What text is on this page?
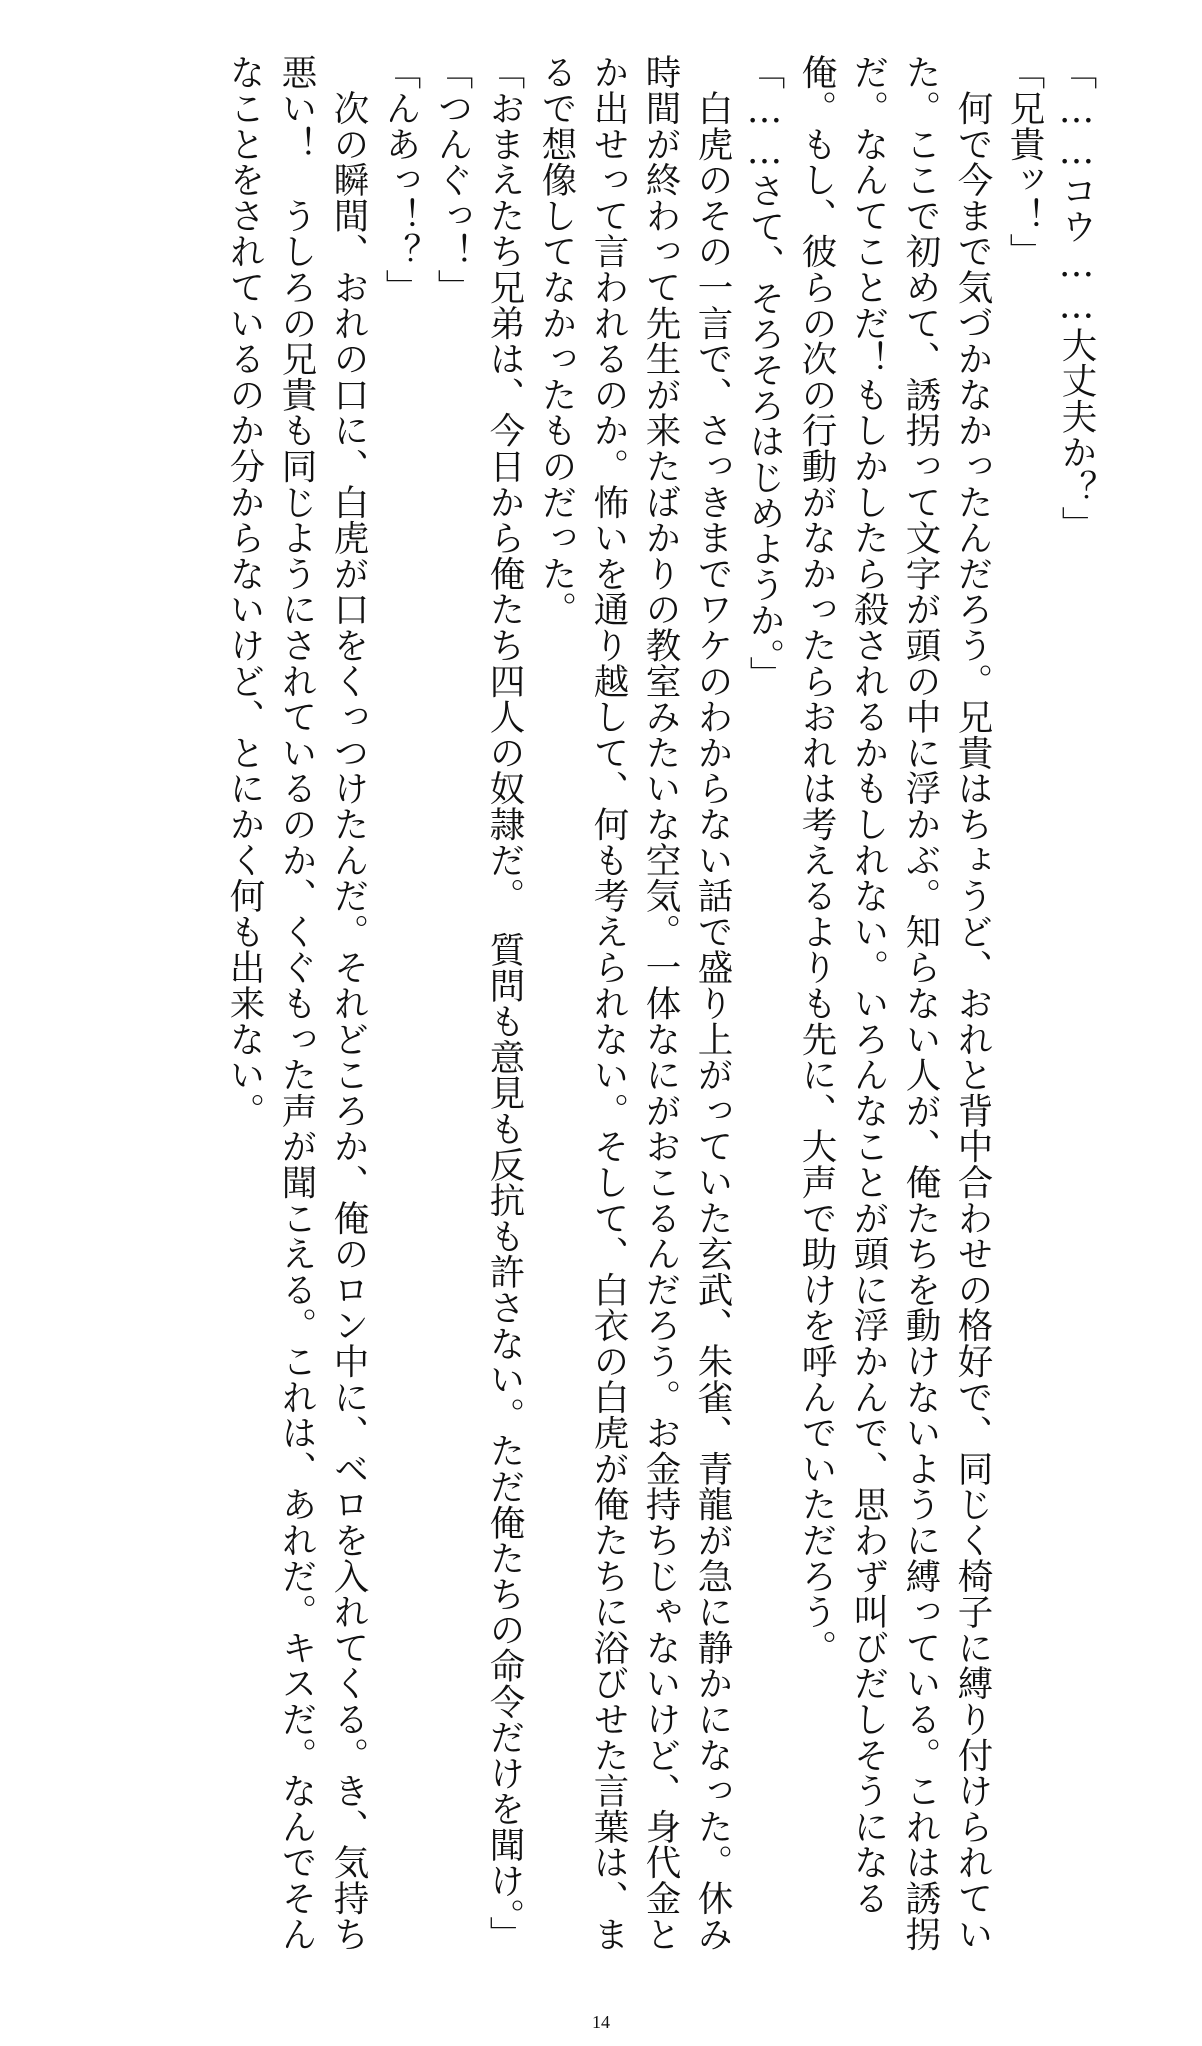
「……コウ……大丈夫か？」

「兄貴ッ！」

　何で今まで気づかなかったんだろう。兄貴はちょうど、おれと背中合わせの格好で、同じく椅子に縛り付けられていた。ここで初めて、誘拐って文字が頭の中に浮かぶ。知らない人が、俺たちを動けないように縛っている。これは誘拐だ。なんてことだ！もしかしたら殺されるかもしれない。いろんなことが頭に浮かんで、思わず叫びだしそうになる俺。もし、彼らの次の行動がなかったらおれは考えるよりも先に、大声で助けを呼んでいただろう。

「……さて、そろそろはじめようか。」

　白虎のその一言で、さっきまでワケのわからない話で盛り上がっていた玄武、朱雀、青龍が急に静かになった。休み時間が終わって先生が来たばかりの教室みたいな空気。一体なにがおこるんだろう。お金持ちじゃないけど、身代金とか出せって言われるのか。怖いを通り越して、何も考えられない。そして、白衣の白虎が俺たちに浴びせた言葉は、まるで想像してなかったものだった。

「おまえたち兄弟は、今日から俺たち四人の奴隷だ。　質問も意見も反抗も許さない。ただ俺たちの命令だけを聞け。」

「つんぐっ！」

「んあっ！？」

　次の瞬間、おれの口に、白虎が口をくっつけたんだ。それどころか、俺のロン中に、ベロを入れてくる。き、気持ち悪い！　うしろの兄貴も同じようにされているのか、くぐもった声が聞こえる。これは、あれだ。キスだ。なんでそんなことをされているのか分からないけど、とにかく何も出来ない。

14
